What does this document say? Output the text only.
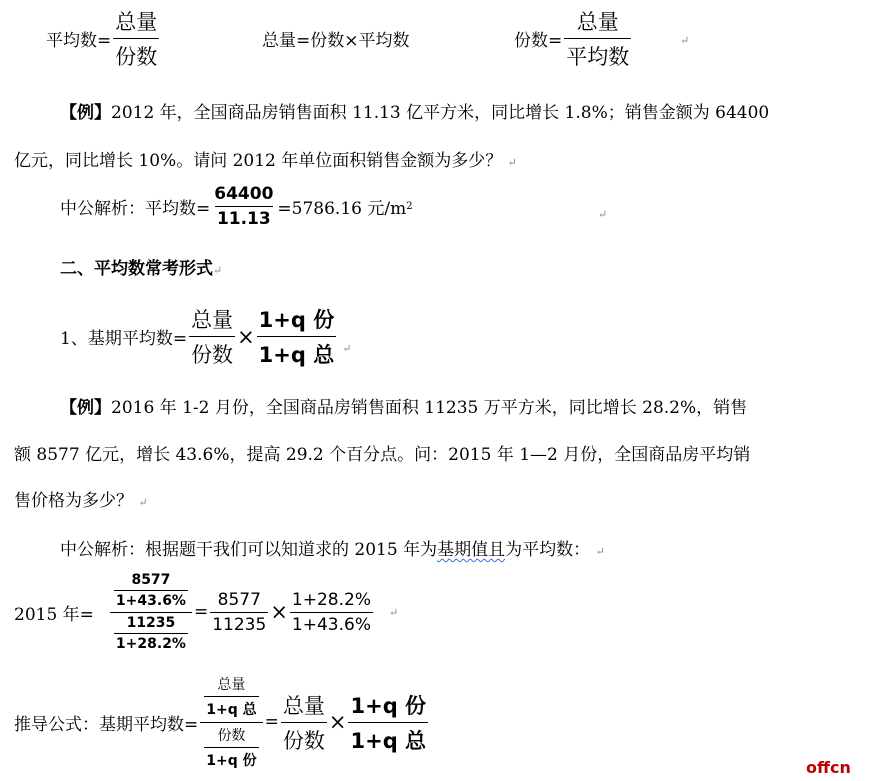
平均数= $\frac{\text{总量}}{\text{份数}}$	总量=份数×平均数	份数= $\frac{\text{总量}}{\text{平均数}}$	↵
【例】2012 年，全国商品房销售面积 11.13 亿平方米，同比增长 1.8%；销售金额为 64400
亿元，同比增长 10%。请问 2012 年单位面积销售金额为多少？ ↵
中公解析：平均数= $\frac{64400}{11.13} =5786.16$ 元/m 2
↵
二、平均数常考形式↵
1、基期平均数= $\frac{\text{总量}}{\text{份数}} \times \frac{\text{1+q 份}}{\text{1+q 总}}$ ↵
【例】2016 年 1-2 月份，全国商品房销售面积 11235 万平方米，同比增长 28.2%，销售
额 8577 亿元，增长 43.6%，提高 29.2 个百分点。问：2015 年 1—2 月份，全国商品房平均销
售价格为多少？ ↵
中公解析：根据题干我们可以知道求的 2015 年为基期值且为平均数： ↵
2015 年= $\frac{\frac{8577}{1+43.6\%}}{\frac{11235}{1+28.2\%}} = \frac{8577}{11235} \times \frac{1+28.2\%}{1+43.6\%}$ ↵
推导公式：基期平均数= $\frac{\frac{\text{总量}}{\text{1+q 总}}}{\frac{\text{份数}}{\text{1+q 份}}} = \frac{\text{总量}}{\text{份数}} \times \frac{\text{1+q 份}}{\text{1+q 总}}$
offcn
